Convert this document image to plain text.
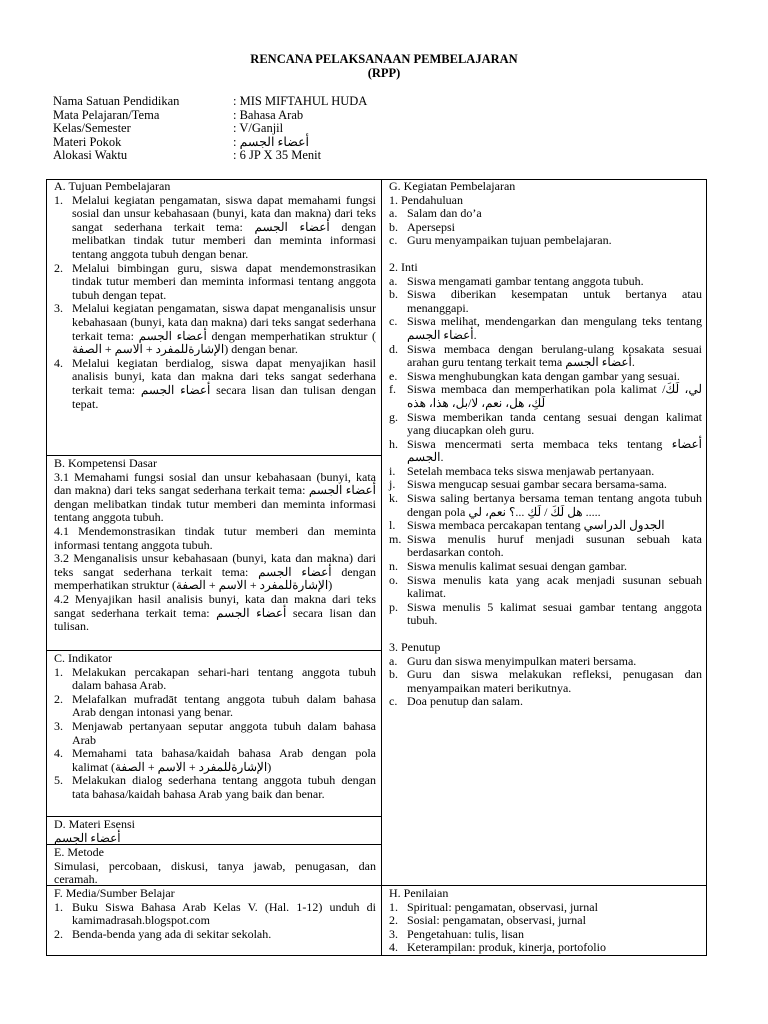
RENCANA PELAKSANAAN PEMBELAJARAN
(RPP)
Nama Satuan Pendidikan	: MIS MIFTAHUL HUDA
Mata Pelajaran/Tema	: Bahasa Arab
Kelas/Semester	: V/Ganjil
Materi Pokok	: أعضاء الجسم
Alokasi Waktu	: 6 JP X 35 Menit
A. Tujuan Pembelajaran
1. Melalui kegiatan pengamatan, siswa dapat memahami fungsi sosial dan unsur kebahasaan (bunyi, kata dan makna) dari teks sangat sederhana terkait tema: أعضاء الجسم dengan melibatkan tindak tutur memberi dan meminta informasi tentang anggota tubuh dengan benar.
2. Melalui bimbingan guru, siswa dapat mendemonstrasikan tindak tutur memberi dan meminta informasi tentang anggota tubuh dengan tepat.
3. Melalui kegiatan pengamatan, siswa dapat menganalisis unsur kebahasaan (bunyi, kata dan makna) dari teks sangat sederhana terkait tema: أعضاء الجسم dengan memperhatikan struktur ( الإشارةللمفرد + الاسم + الصفة) dengan benar.
4. Melalui kegiatan berdialog, siswa dapat menyajikan hasil analisis bunyi, kata dan makna dari teks sangat sederhana terkait tema: أعضاء الجسم secara lisan dan tulisan dengan tepat.
B. Kompetensi Dasar
3.1 Memahami fungsi sosial dan unsur kebahasaan (bunyi, kata dan makna) dari teks sangat sederhana terkait tema: أعضاء الجسم dengan melibatkan tindak tutur memberi dan meminta informasi tentang anggota tubuh.
4.1 Mendemonstrasikan tindak tutur memberi dan meminta informasi tentang anggota tubuh.
3.2 Menganalisis unsur kebahasaan (bunyi, kata dan makna) dari teks sangat sederhana terkait tema: أعضاء الجسم dengan memperhatikan struktur (الإشارةللمفرد + الاسم + الصفة)
4.2 Menyajikan hasil analisis bunyi, kata dan makna dari teks sangat sederhana terkait tema: أعضاء الجسم secara lisan dan tulisan.
C. Indikator
1. Melakukan percakapan sehari-hari tentang anggota tubuh dalam bahasa Arab.
2. Melafalkan mufradāt tentang anggota tubuh dalam bahasa Arab dengan intonasi yang benar.
3. Menjawab pertanyaan seputar anggota tubuh dalam bahasa Arab
4. Memahami tata bahasa/kaidah bahasa Arab dengan pola kalimat (الإشارةللمفرد + الاسم + الصفة)
5. Melakukan dialog sederhana tentang anggota tubuh dengan tata bahasa/kaidah bahasa Arab yang baik dan benar.
D. Materi Esensi
أعضاء الجسم
E. Metode
Simulasi, percobaan, diskusi, tanya jawab, penugasan, dan ceramah.
F. Media/Sumber Belajar
1. Buku Siswa Bahasa Arab Kelas V. (Hal. 1-12) unduh di kamimadrasah.blogspot.com
2. Benda-benda yang ada di sekitar sekolah.
G. Kegiatan Pembelajaran
1. Pendahuluan
a. Salam dan do’a
b. Apersepsi
c. Guru menyampaikan tujuan pembelajaran.
2. Inti
a. Siswa mengamati gambar tentang anggota tubuh.
b. Siswa diberikan kesempatan untuk bertanya atau menanggapi.
c. Siswa melihat, mendengarkan dan mengulang teks tentang أعضاء الجسم.
d. Siswa membaca dengan berulang-ulang kosakata sesuai arahan guru tentang terkait tema أعضاء الجسم.
e. Siswa menghubungkan kata dengan gambar yang sesuai.
f. Siswa membaca dan memperhatikan pola kalimat لي، لَكَ/لَكِ، هل، نعم، لا/بل، هذا، هذه
g. Siswa memberikan tanda centang sesuai dengan kalimat yang diucapkan oleh guru.
h. Siswa mencermati serta membaca teks tentang أعضاء الجسم.
i. Setelah membaca teks siswa menjawab pertanyaan.
j. Siswa mengucap sesuai gambar secara bersama-sama.
k. Siswa saling bertanya bersama teman tentang angota tubuh dengan pola هل لَكَ / لَكِ ...؟ نعم، لي .....
l. Siswa membaca percakapan tentang الجدول الدراسي
m. Siswa menulis huruf menjadi susunan sebuah kata berdasarkan contoh.
n. Siswa menulis kalimat sesuai dengan gambar.
o. Siswa menulis kata yang acak menjadi susunan sebuah kalimat.
p. Siswa menulis 5 kalimat sesuai gambar tentang anggota tubuh.
3. Penutup
a. Guru dan siswa menyimpulkan materi bersama.
b. Guru dan siswa melakukan refleksi, penugasan dan menyampaikan materi berikutnya.
c. Doa penutup dan salam.
H. Penilaian
1. Spiritual: pengamatan, observasi, jurnal
2. Sosial: pengamatan, observasi, jurnal
3. Pengetahuan: tulis, lisan
4. Keterampilan: produk, kinerja, portofolio
